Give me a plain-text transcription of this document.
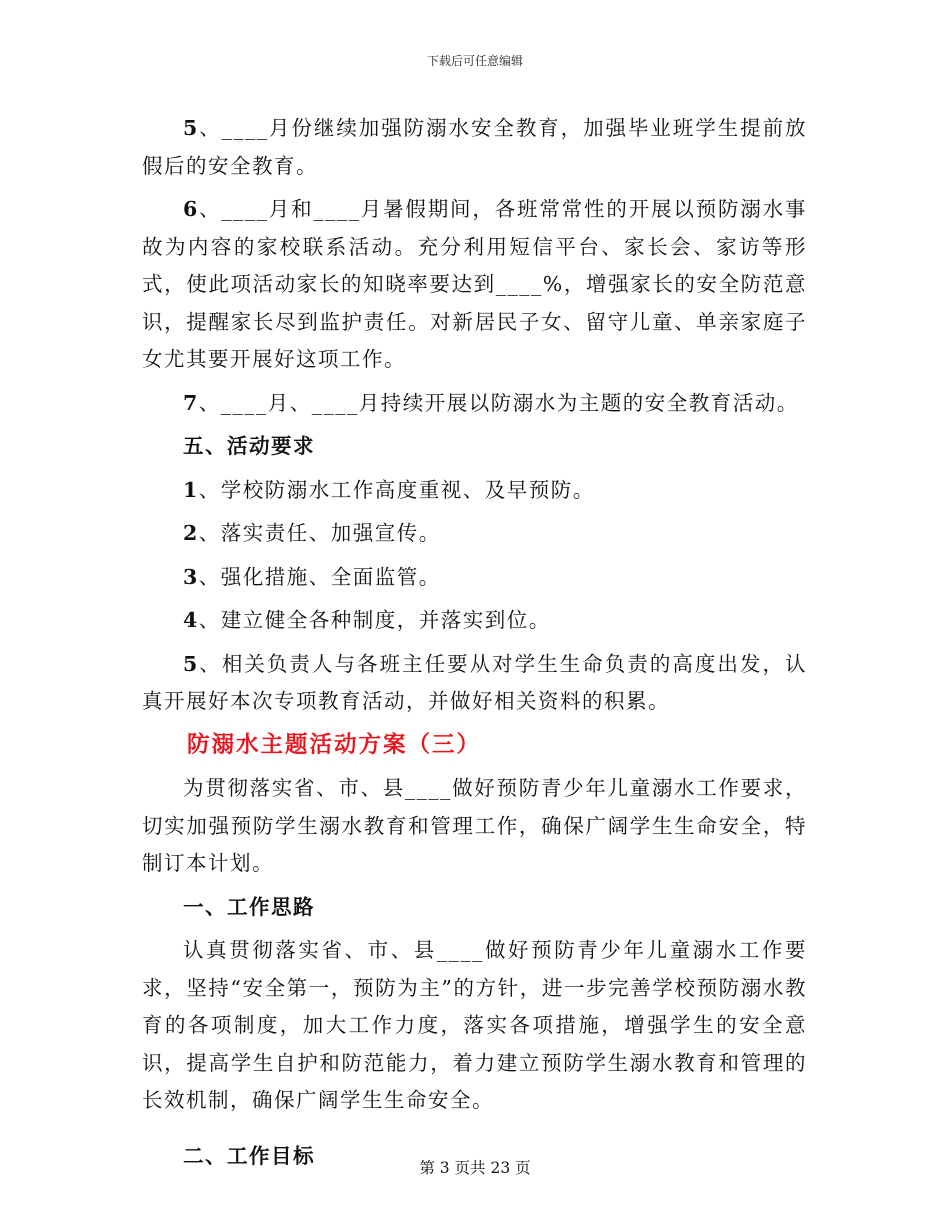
下载后可任意编辑

5、____月份继续加强防溺水安全教育，加强毕业班学生提前放假后的安全教育。

6、____月和____月暑假期间，各班常常性的开展以预防溺水事故为内容的家校联系活动。充分利用短信平台、家长会、家访等形式，使此项活动家长的知晓率要达到____%，增强家长的安全防范意识，提醒家长尽到监护责任。对新居民子女、留守儿童、单亲家庭子女尤其要开展好这项工作。

7、____月、____月持续开展以防溺水为主题的安全教育活动。

五、活动要求

1、学校防溺水工作高度重视、及早预防。

2、落实责任、加强宣传。

3、强化措施、全面监管。

4、建立健全各种制度，并落实到位。

5、相关负责人与各班主任要从对学生生命负责的高度出发，认真开展好本次专项教育活动，并做好相关资料的积累。

防溺水主题活动方案（三）

为贯彻落实省、市、县____做好预防青少年儿童溺水工作要求，切实加强预防学生溺水教育和管理工作，确保广阔学生生命安全，特制订本计划。

一、工作思路

认真贯彻落实省、市、县____做好预防青少年儿童溺水工作要求，坚持“安全第一，预防为主”的方针，进一步完善学校预防溺水教育的各项制度，加大工作力度，落实各项措施，增强学生的安全意识，提高学生自护和防范能力，着力建立预防学生溺水教育和管理的长效机制，确保广阔学生生命安全。

二、工作目标

第 3 页共 23 页
